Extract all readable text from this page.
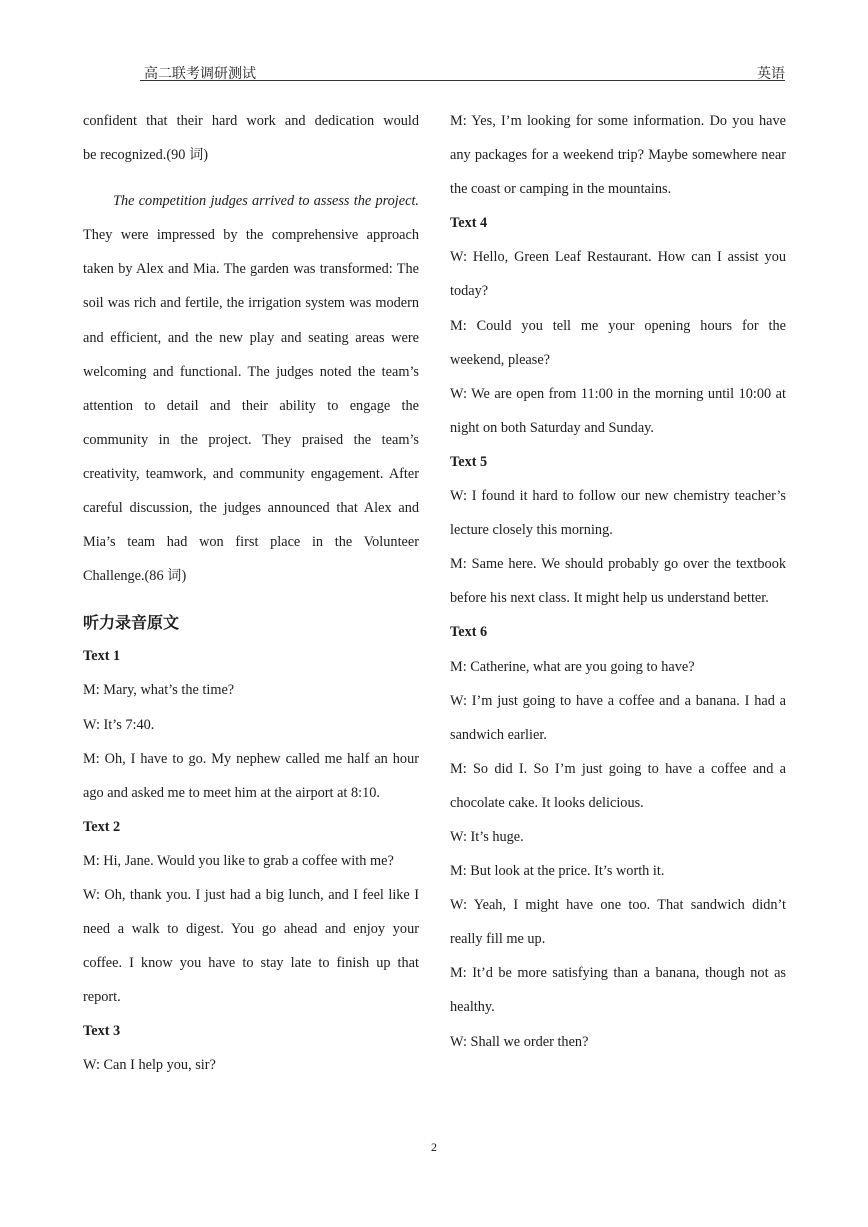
高二联考调研测试	英语

confident that their hard work and dedication would
be recognized.(90 词)

The competition judges arrived to assess the project. They were impressed by the comprehensive approach taken by Alex and Mia. The garden was transformed: The soil was rich and fertile, the irrigation system was modern and efficient, and the new play and seating areas were welcoming and functional. The judges noted the team’s attention to detail and their ability to engage the community in the project. They praised the team’s creativity, teamwork, and community engagement. After careful discussion, the judges announced that Alex and Mia’s team had won first place in the Volunteer Challenge.(86 词)

听力录音原文

Text 1

M: Mary, what’s the time?

W: It’s 7:40.

M: Oh, I have to go. My nephew called me half an hour ago and asked me to meet him at the airport at 8:10.

Text 2

M: Hi, Jane. Would you like to grab a coffee with me?

W: Oh, thank you. I just had a big lunch, and I feel like I need a walk to digest. You go ahead and enjoy your coffee. I know you have to stay late to finish up that report.

Text 3

W: Can I help you, sir?

M: Yes, I’m looking for some information. Do you have any packages for a weekend trip? Maybe somewhere near the coast or camping in the mountains.

Text 4

W: Hello, Green Leaf Restaurant. How can I assist you today?

M: Could you tell me your opening hours for the weekend, please?

W: We are open from 11:00 in the morning until 10:00 at night on both Saturday and Sunday.

Text 5

W: I found it hard to follow our new chemistry teacher’s lecture closely this morning.

M: Same here. We should probably go over the textbook before his next class. It might help us understand better.

Text 6

M: Catherine, what are you going to have?

W: I’m just going to have a coffee and a banana. I had a sandwich earlier.

M: So did I. So I’m just going to have a coffee and a chocolate cake. It looks delicious.

W: It’s huge.

M: But look at the price. It’s worth it.

W: Yeah, I might have one too. That sandwich didn’t really fill me up.

M: It’d be more satisfying than a banana, though not as healthy.

W: Shall we order then?

2
